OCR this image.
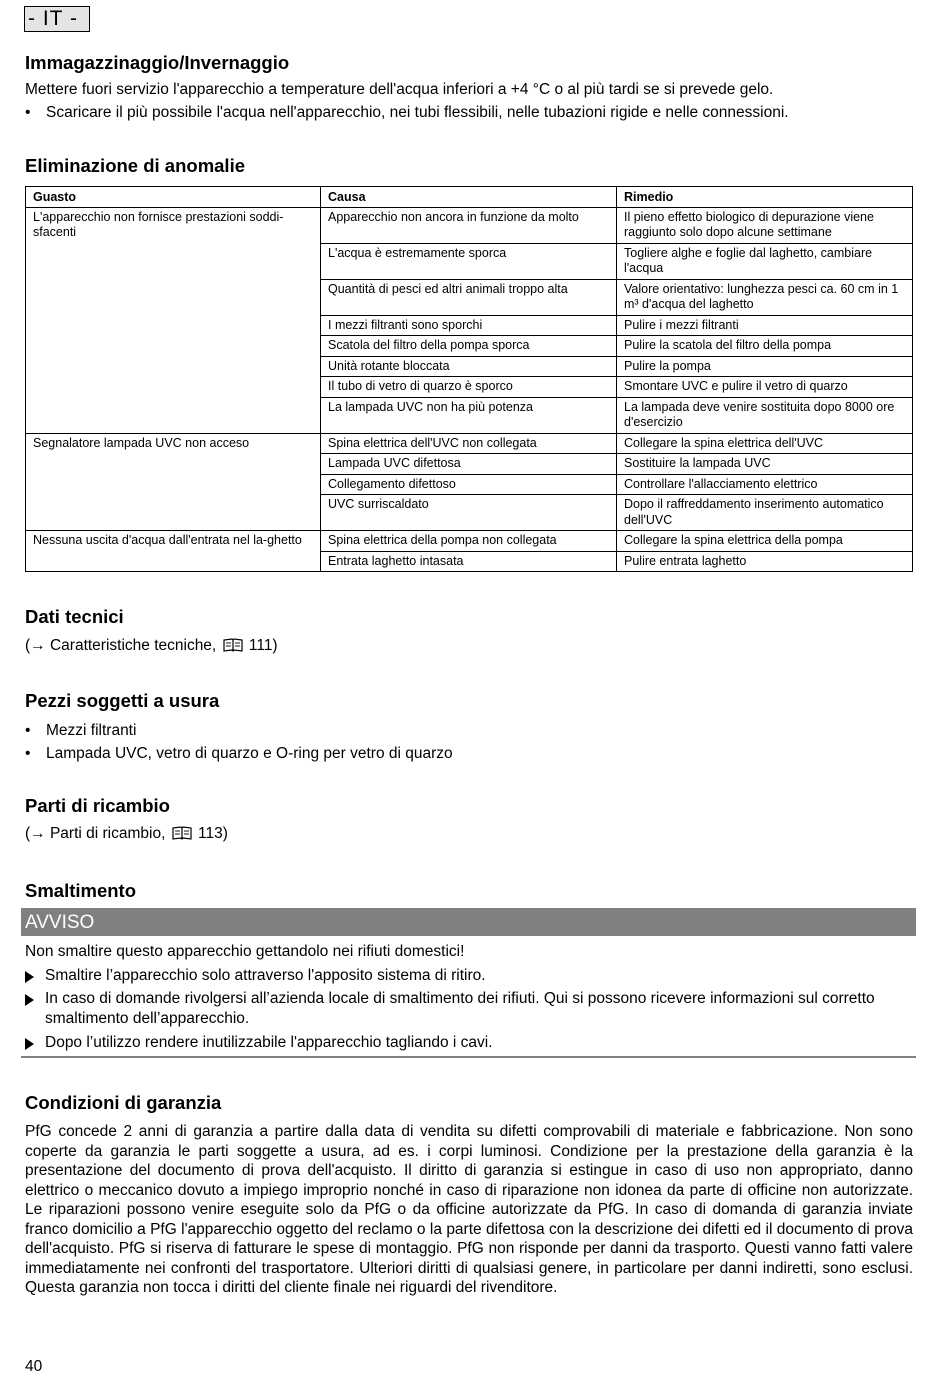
- IT -
Immagazzinaggio/Invernaggio

Mettere fuori servizio l'apparecchio a temperature dell'acqua inferiori a +4 °C o al più tardi se si prevede gelo.

• Scaricare il più possibile l'acqua nell'apparecchio, nei tubi flessibili, nelle tubazioni rigide e nelle connessioni.
Eliminazione di anomalie
Guasto	Causa	Rimedio
L'apparecchio non fornisce prestazioni soddi-sfacenti	Apparecchio non ancora in funzione da molto	Il pieno effetto biologico di depurazione viene raggiunto solo dopo alcune settimane
	L'acqua è estremamente sporca	Togliere alghe e foglie dal laghetto, cambiare l'acqua
	Quantità di pesci ed altri animali troppo alta	Valore orientativo: lunghezza pesci ca. 60 cm in 1 m³ d'acqua del laghetto
	I mezzi filtranti sono sporchi	Pulire i mezzi filtranti
	Scatola del filtro della pompa sporca	Pulire la scatola del filtro della pompa
	Unità rotante bloccata	Pulire la pompa
	Il tubo di vetro di quarzo è sporco	Smontare UVC e pulire il vetro di quarzo
	La lampada UVC non ha più potenza	La lampada deve venire sostituita dopo 8000 ore d'esercizio
Segnalatore lampada UVC non acceso	Spina elettrica dell'UVC non collegata	Collegare la spina elettrica dell'UVC
	Lampada UVC difettosa	Sostituire la lampada UVC
	Collegamento difettoso	Controllare l'allacciamento elettrico
	UVC surriscaldato	Dopo il raffreddamento inserimento automatico dell'UVC
Nessuna uscita d'acqua dall'entrata nel la-ghetto	Spina elettrica della pompa non collegata	Collegare la spina elettrica della pompa
	Entrata laghetto intasata	Pulire entrata laghetto
Dati tecnici

(→ Caratteristiche tecniche, 111)

Pezzi soggetti a usura
• Mezzi filtranti
• Lampada UVC, vetro di quarzo e O-ring per vetro di quarzo
Parti di ricambio

(→ Parti di ricambio, 113)

Smaltimento
AVVISO

Non smaltire questo apparecchio gettandolo nei rifiuti domestici!

Smaltire l’apparecchio solo attraverso l'apposito sistema di ritiro.
In caso di domande rivolgersi all’azienda locale di smaltimento dei rifiuti. Qui si possono ricevere informazioni sul corretto smaltimento dell’apparecchio.
Dopo l’utilizzo rendere inutilizzabile l'apparecchio tagliando i cavi.
Condizioni di garanzia

PfG concede 2 anni di garanzia a partire dalla data di vendita su difetti comprovabili di materiale e fabbricazione. Non sono coperte da garanzia le parti soggette a usura, ad es. i corpi luminosi. Condizione per la prestazione della garanzia è la presentazione del documento di prova dell'acquisto. Il diritto di garanzia si estingue in caso di uso non appropriato, danno elettrico o meccanico dovuto a impiego improprio nonché in caso di riparazione non idonea da parte di officine non autorizzate. Le riparazioni possono venire eseguite solo da PfG o da officine autorizzate da PfG. In caso di domanda di garanzia inviate franco domicilio a PfG l'apparecchio oggetto del reclamo o la parte difettosa con la descrizione dei difetti ed il documento di prova dell'acquisto. PfG si riserva di fatturare le spese di montaggio. PfG non risponde per danni da trasporto. Questi vanno fatti valere immediatamente nei confronti del trasportatore. Ulteriori diritti di qualsiasi genere, in particolare per danni indiretti, sono esclusi. Questa garanzia non tocca i diritti del cliente finale nei riguardi del rivenditore.

40
